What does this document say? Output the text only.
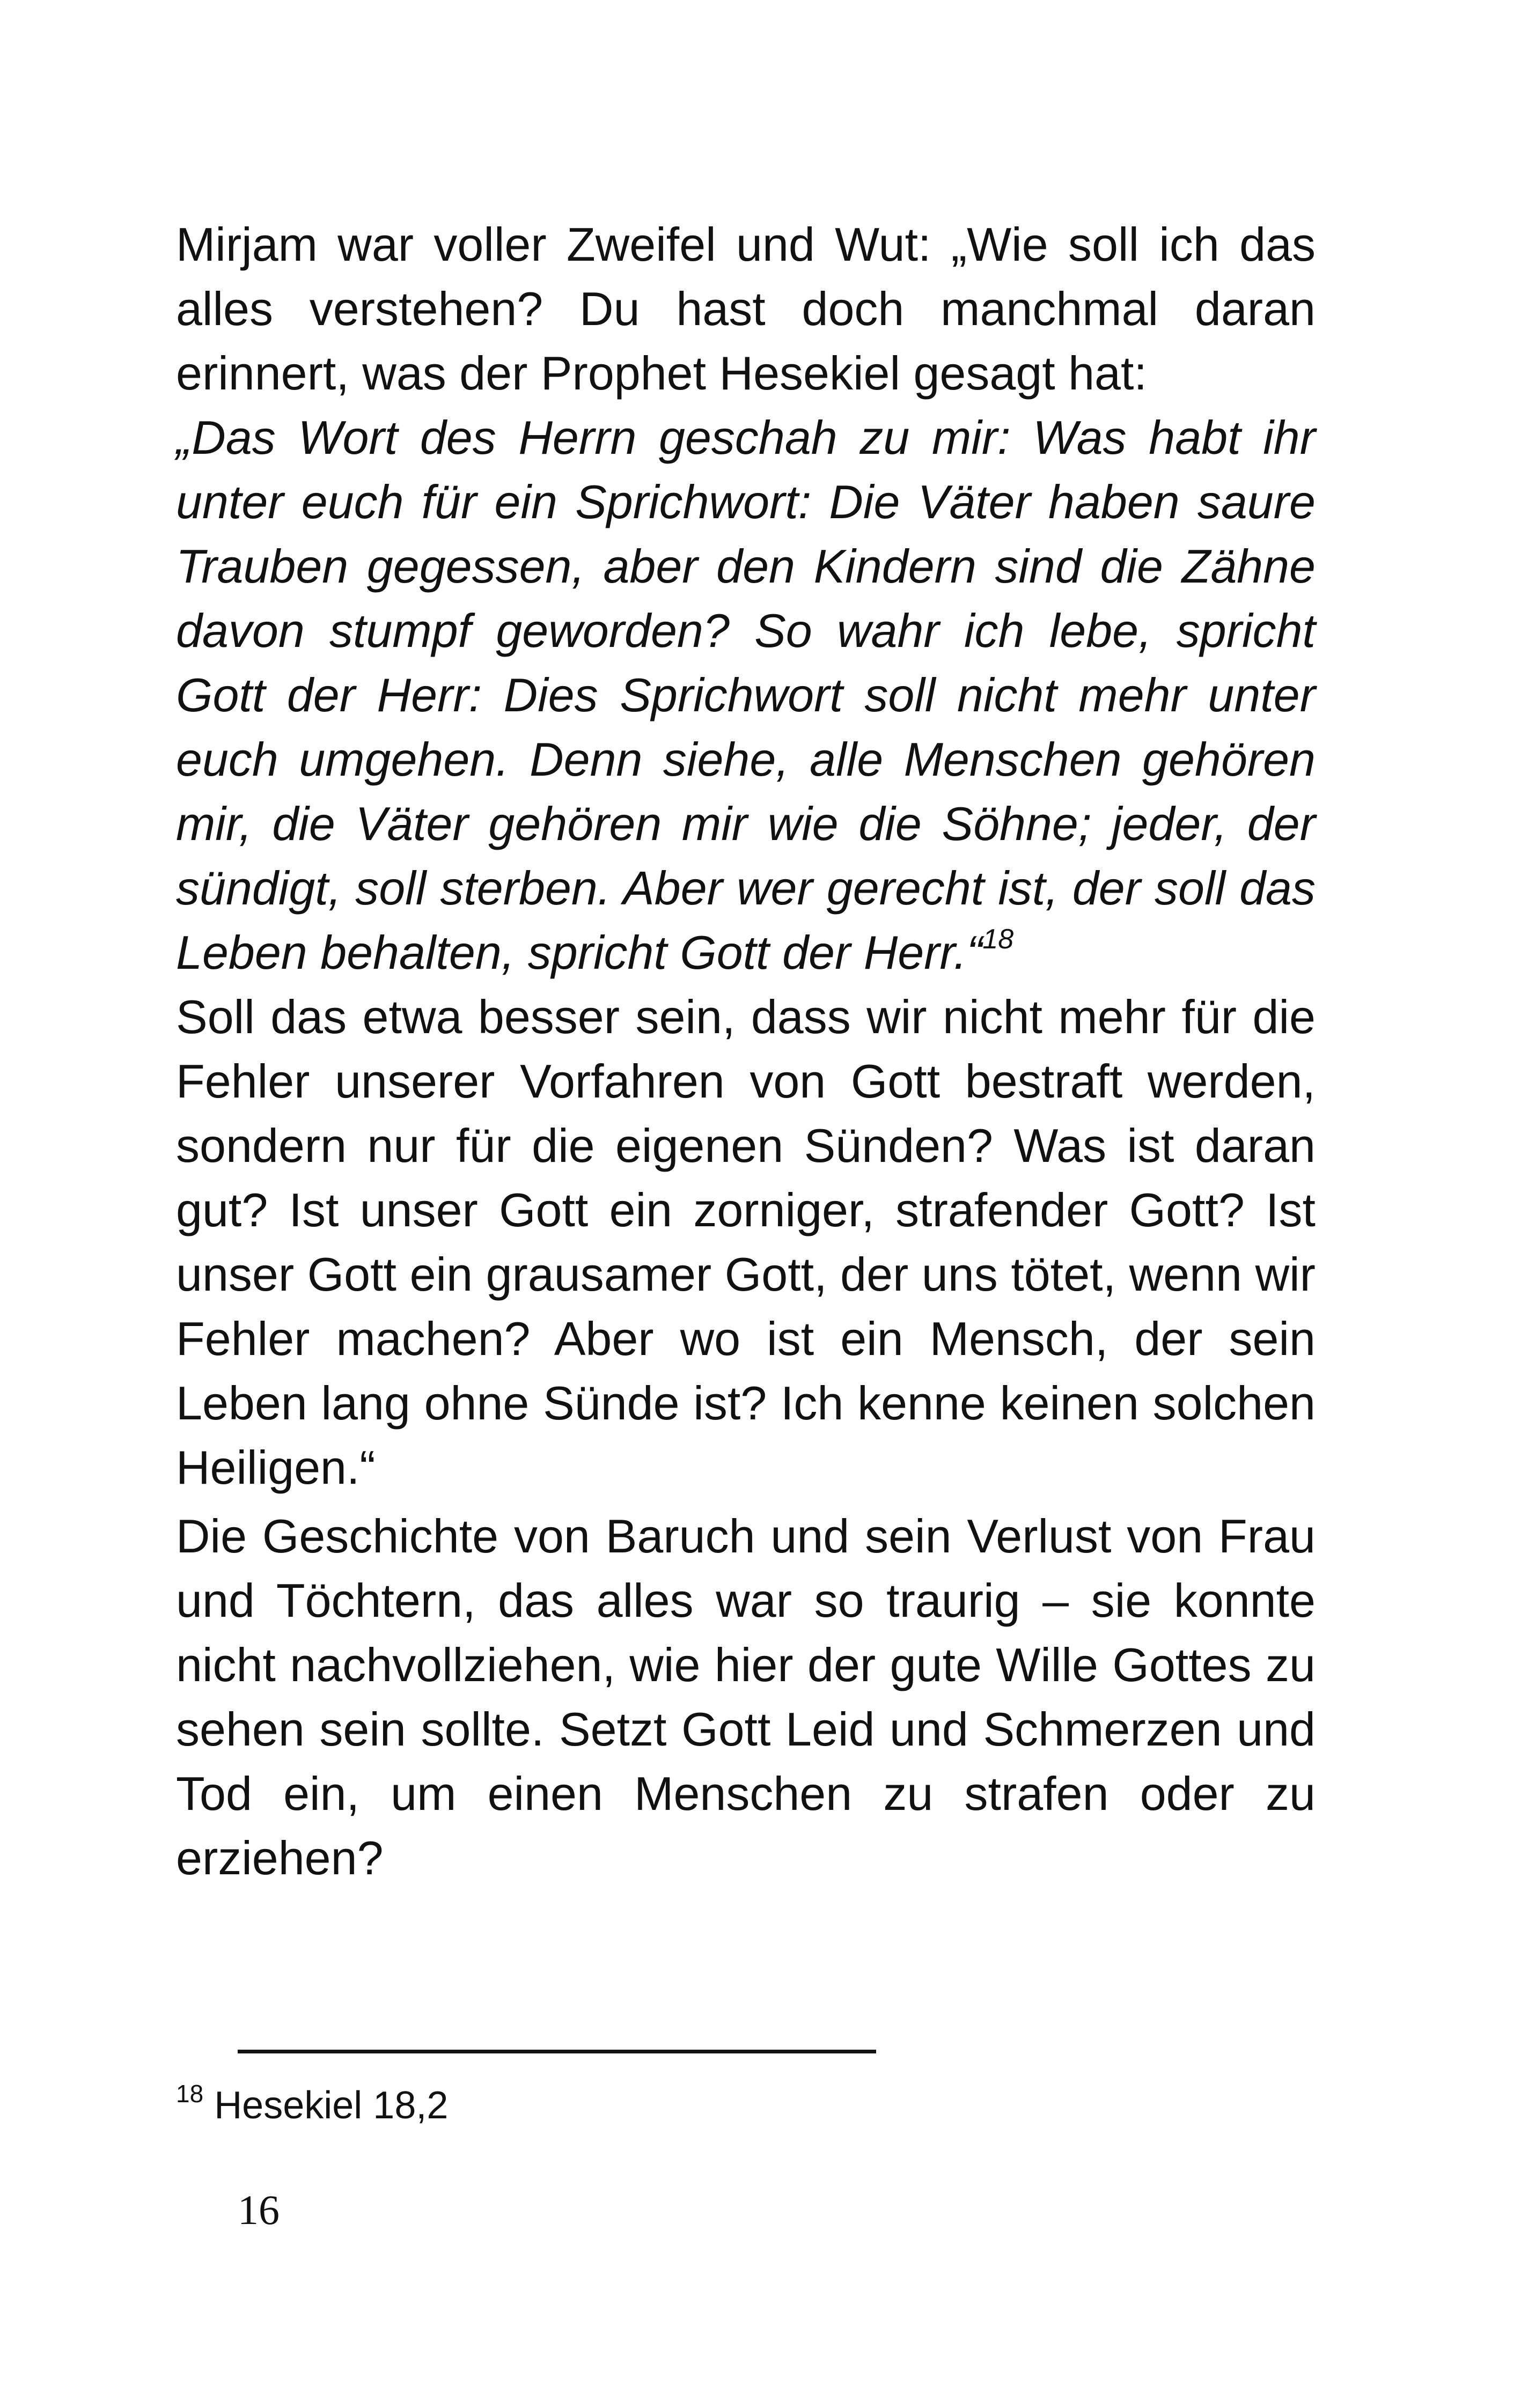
Mirjam war voller Zweifel und Wut: „Wie soll ich das alles verstehen? Du hast doch manchmal daran erinnert, was der Prophet Hesekiel gesagt hat:

„Das Wort des Herrn geschah zu mir: Was habt ihr unter euch für ein Sprichwort: Die Väter haben saure Trauben gegessen, aber den Kindern sind die Zähne davon stumpf geworden? So wahr ich lebe, spricht Gott der Herr: Dies Sprichwort soll nicht mehr unter euch umgehen. Denn siehe, alle Menschen gehören mir, die Väter gehören mir wie die Söhne; jeder, der sündigt, soll sterben. Aber wer gerecht ist, der soll das Leben behalten, spricht Gott der Herr.“$^{18}$

Soll das etwa besser sein, dass wir nicht mehr für die Fehler unserer Vorfahren von Gott bestraft werden, sondern nur für die eigenen Sünden? Was ist daran gut? Ist unser Gott ein zorniger, strafender Gott? Ist unser Gott ein grausamer Gott, der uns tötet, wenn wir Fehler machen? Aber wo ist ein Mensch, der sein Leben lang ohne Sünde ist? Ich kenne keinen solchen Heiligen.“

Die Geschichte von Baruch und sein Verlust von Frau und Töchtern, das alles war so traurig – sie konnte nicht nachvollziehen, wie hier der gute Wille Gottes zu sehen sein sollte. Setzt Gott Leid und Schmerzen und Tod ein, um einen Menschen zu strafen oder zu erziehen?

$^{18}$ Hesekiel 18,2
16
